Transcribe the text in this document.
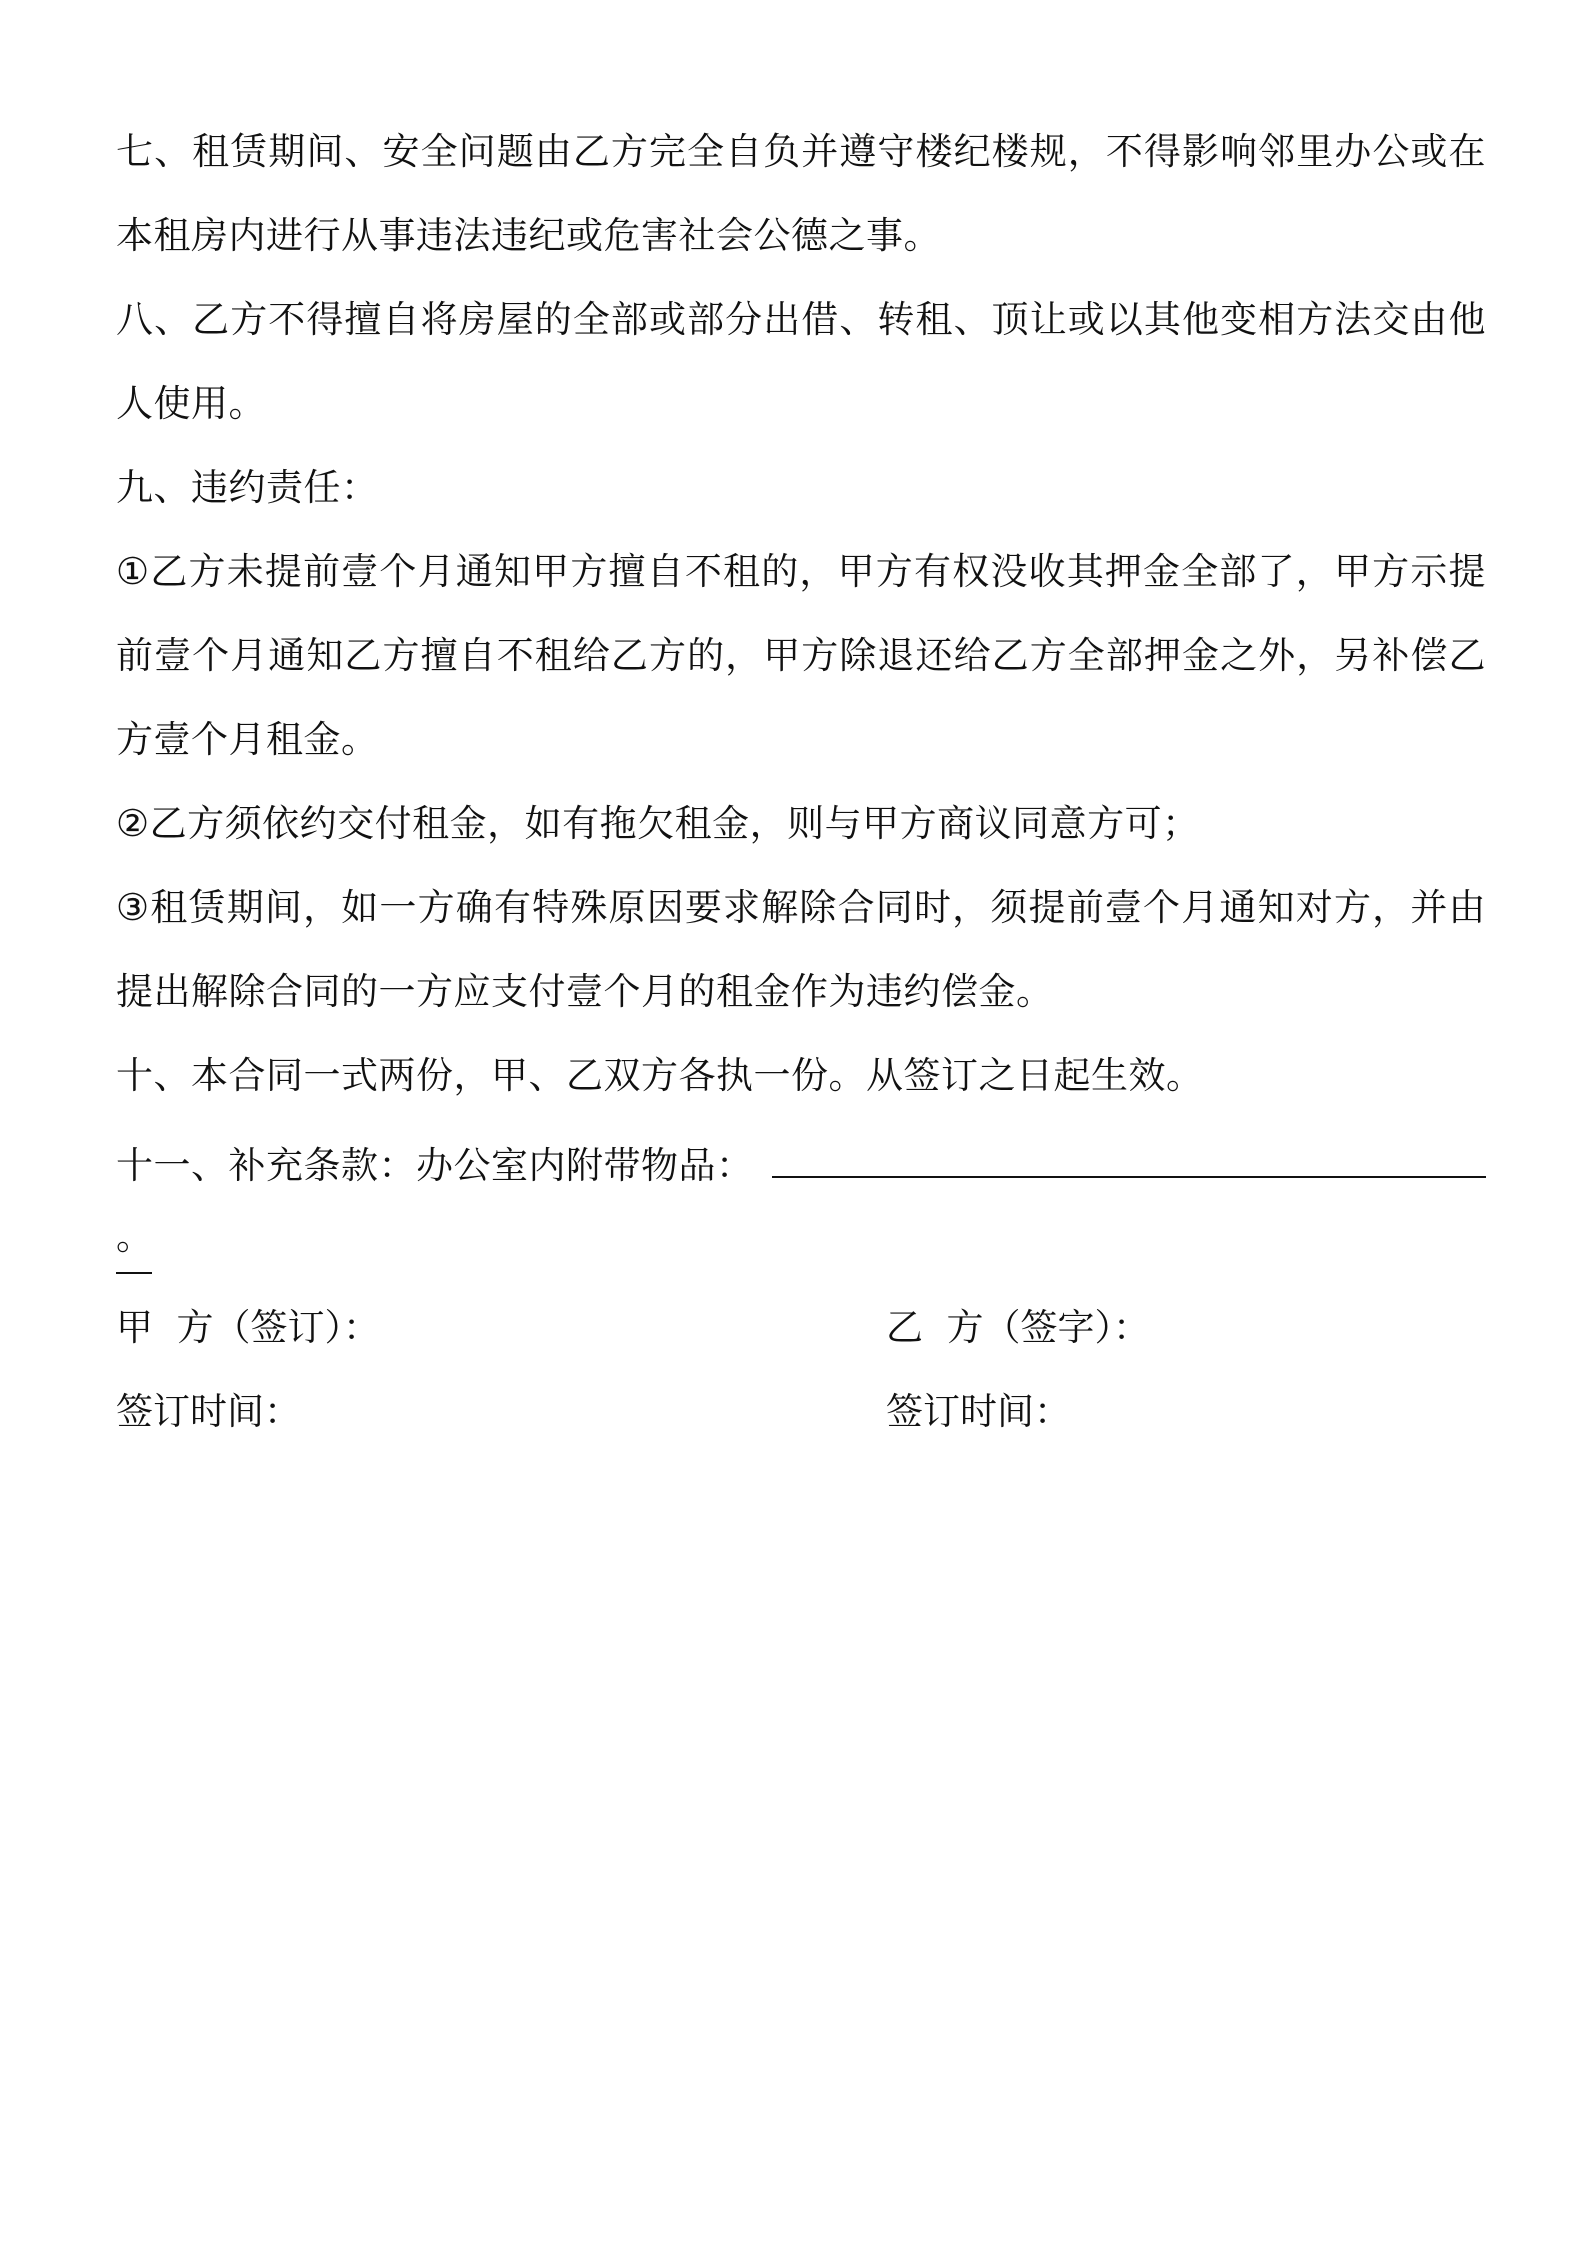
七、租赁期间、安全问题由乙方完全自负并遵守楼纪楼规，不得影响邻里办公或在本租房内进行从事违法违纪或危害社会公德之事。

八、乙方不得擅自将房屋的全部或部分出借、转租、顶让或以其他变相方法交由他人使用。

九、违约责任：

①乙方未提前壹个月通知甲方擅自不租的，甲方有权没收其押金全部了，甲方示提前壹个月通知乙方擅自不租给乙方的，甲方除退还给乙方全部押金之外，另补偿乙方壹个月租金。

②乙方须依约交付租金，如有拖欠租金，则与甲方商议同意方可；

③租赁期间，如一方确有特殊原因要求解除合同时，须提前壹个月通知对方，并由提出解除合同的一方应支付壹个月的租金作为违约偿金。

十、本合同一式两份，甲、乙双方各执一份。从签订之日起生效。

十一、补充条款：办公室内附带物品：
。
甲  方（签订）：
签订时间：
乙  方（签字）：
签订时间：
